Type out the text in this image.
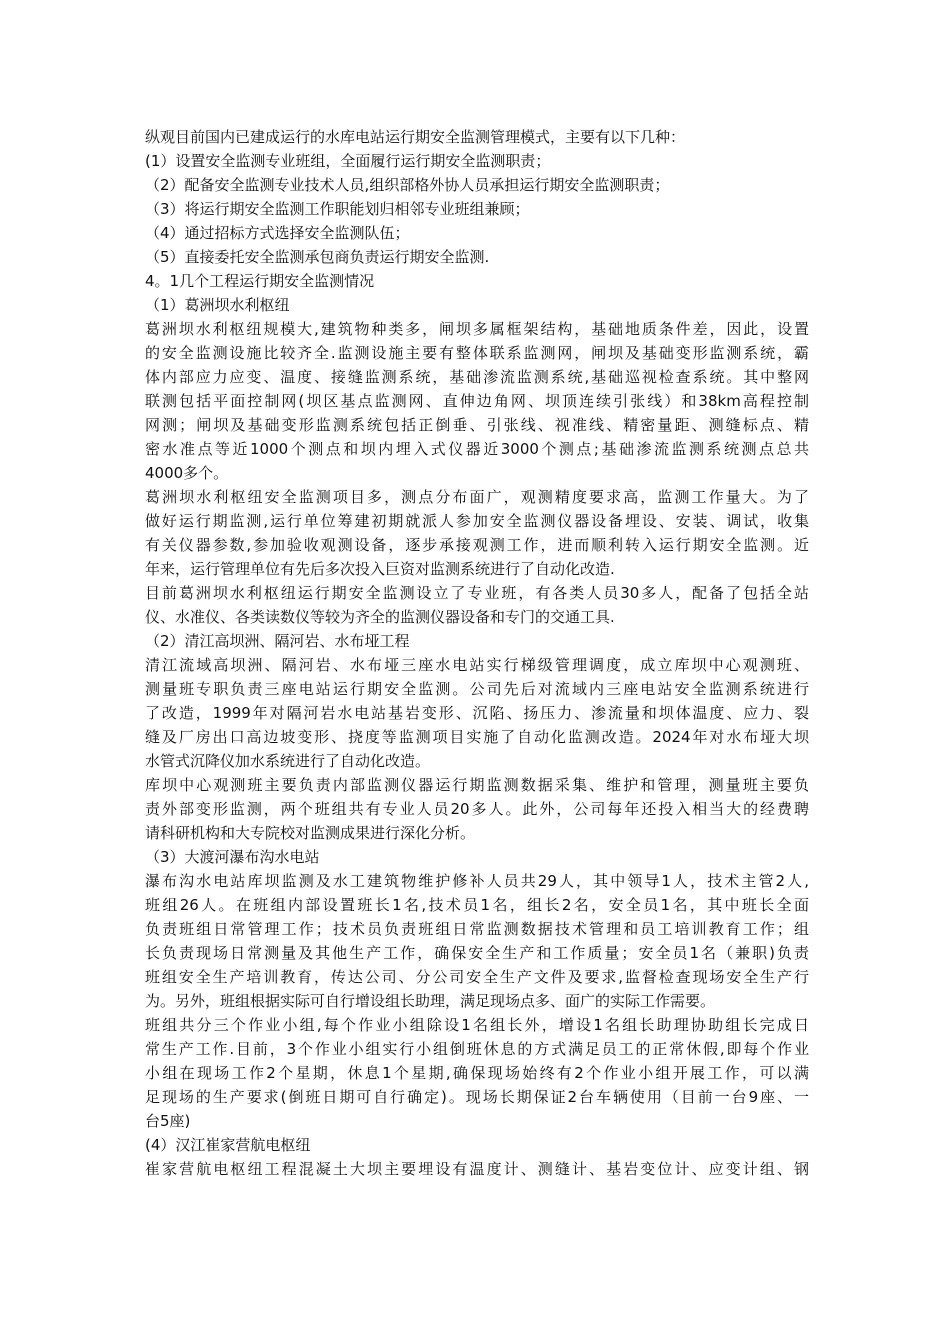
纵观目前国内已建成运行的水库电站运行期安全监测管理模式，主要有以下几种：

(1）设置安全监测专业班组，全面履行运行期安全监测职责；

（2）配备安全监测专业技术人员,组织部格外协人员承担运行期安全监测职责；

（3）将运行期安全监测工作职能划归相邻专业班组兼顾；

（4）通过招标方式选择安全监测队伍；

（5）直接委托安全监测承包商负责运行期安全监测.

4。1几个工程运行期安全监测情况

（1）葛洲坝水利枢纽

葛洲坝水利枢纽规模大,建筑物种类多，闸坝多属框架结构，基础地质条件差，因此，设置

的安全监测设施比较齐全.监测设施主要有整体联系监测网，闸坝及基础变形监测系统，霸

体内部应力应变、温度、接缝监测系统，基础渗流监测系统,基础巡视检查系统。其中整网

联测包括平面控制网(坝区基点监测网、直伸边角网、坝顶连续引张线）和38km高程控制

网测；闸坝及基础变形监测系统包括正倒垂、引张线、视准线、精密量距、测缝标点、精

密水准点等近1000个测点和坝内埋入式仪器近3000个测点;基础渗流监测系统测点总共

4000多个。

葛洲坝水利枢纽安全监测项目多，测点分布面广，观测精度要求高，监测工作量大。为了

做好运行期监测,运行单位筹建初期就派人参加安全监测仪器设备埋设、安装、调试，收集

有关仪器参数,参加验收观测设备，逐步承接观测工作，进而顺利转入运行期安全监测。近

年来，运行管理单位有先后多次投入巨资对监测系统进行了自动化改造.

目前葛洲坝水利枢纽运行期安全监测设立了专业班，有各类人员30多人，配备了包括全站

仪、水准仪、各类读数仪等较为齐全的监测仪器设备和专门的交通工具.

（2）清江高坝洲、隔河岩、水布垭工程

清江流域高坝洲、隔河岩、水布垭三座水电站实行梯级管理调度，成立库坝中心观测班、

测量班专职负责三座电站运行期安全监测。公司先后对流域内三座电站安全监测系统进行

了改造，1999年对隔河岩水电站基岩变形、沉陷、扬压力、渗流量和坝体温度、应力、裂

缝及厂房出口高边坡变形、挠度等监测项目实施了自动化监测改造。2024年对水布垭大坝

水管式沉降仪加水系统进行了自动化改造。

库坝中心观测班主要负责内部监测仪器运行期监测数据采集、维护和管理，测量班主要负

责外部变形监测，两个班组共有专业人员20多人。此外，公司每年还投入相当大的经费聘

请科研机构和大专院校对监测成果进行深化分析。

（3）大渡河瀑布沟水电站

瀑布沟水电站库坝监测及水工建筑物维护修补人员共29人，其中领导1人，技术主管2人,

班组26人。在班组内部设置班长1名,技术员1名，组长2名，安全员1名，其中班长全面

负责班组日常管理工作；技术员负责班组日常监测数据技术管理和员工培训教育工作；组

长负责现场日常测量及其他生产工作，确保安全生产和工作质量；安全员1名（兼职)负责

班组安全生产培训教育，传达公司、分公司安全生产文件及要求,监督检查现场安全生产行

为。另外，班组根据实际可自行增设组长助理，满足现场点多、面广的实际工作需要。

班组共分三个作业小组,每个作业小组除设1名组长外，增设1名组长助理协助组长完成日

常生产工作.目前，3个作业小组实行小组倒班休息的方式满足员工的正常休假,即每个作业

小组在现场工作2个星期，休息1个星期,确保现场始终有2个作业小组开展工作，可以满

足现场的生产要求(倒班日期可自行确定)。现场长期保证2台车辆使用（目前一台9座、一

台5座)

(4）汉江崔家营航电枢纽

崔家营航电枢纽工程混凝土大坝主要埋设有温度计、测缝计、基岩变位计、应变计组、钢
